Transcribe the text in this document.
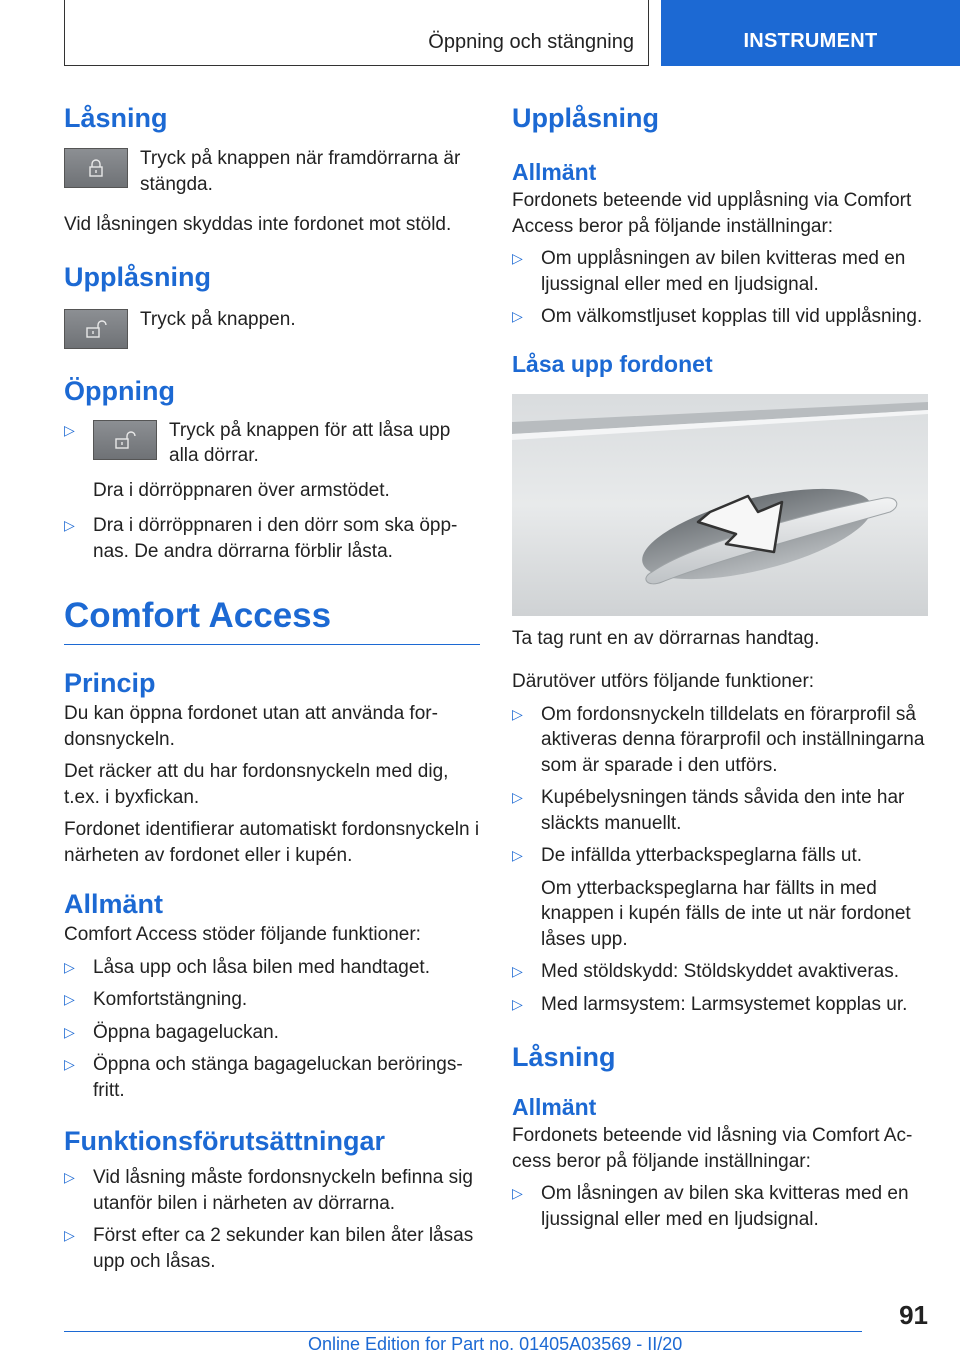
Öppning och stängning	INSTRUMENT
Låsning

Tryck på knappen när framdörrarna är stängda.

Vid låsningen skyddas inte fordonet mot stöld.

Upplåsning

Tryck på knappen.

Öppning
▷	Tryck på knappen för att låsa upp alla dörrar.

Dra i dörröppnaren över armstödet.

▷ Dra i dörröppnaren i den dörr som ska öpp-nas. De andra dörrarna förblir låsta.
Comfort Access
Princip

Du kan öppna fordonet utan att använda for-donsnyckeln.

Det räcker att du har fordonsnyckeln med dig, t.ex. i byxfickan.

Fordonet identifierar automatiskt fordonsnyckeln i närheten av fordonet eller i kupén.

Allmänt

Comfort Access stöder följande funktioner:

▷ Låsa upp och låsa bilen med handtaget.
▷ Komfortstängning.
▷ Öppna bagageluckan.
▷ Öppna och stänga bagageluckan berörings-fritt.
Funktionsförutsättningar
▷ Vid låsning måste fordonsnyckeln befinna sig utanför bilen i närheten av dörrarna.
▷ Först efter ca 2 sekunder kan bilen åter låsas upp och låsas.
Upplåsning
Allmänt

Fordonets beteende vid upplåsning via Comfort Access beror på följande inställningar:

▷ Om upplåsningen av bilen kvitteras med en ljussignal eller med en ljudsignal.
▷ Om välkomstljuset kopplas till vid upplåsning.
Låsa upp fordonet

Ta tag runt en av dörrarnas handtag.

Därutöver utförs följande funktioner:

▷ Om fordonsnyckeln tilldelats en förarprofil så aktiveras denna förarprofil och inställningarna som är sparade i den utförs.
▷ Kupébelysningen tänds såvida den inte har släckts manuellt.
▷ De infällda ytterbackspeglarna fälls ut.

Om ytterbackspeglarna har fällts in med knappen i kupén fälls de inte ut när fordonet låses upp.

▷ Med stöldskydd: Stöldskyddet avaktiveras.
▷ Med larmsystem: Larmsystemet kopplas ur.
Låsning
Allmänt

Fordonets beteende vid låsning via Comfort Ac-cess beror på följande inställningar:

▷ Om låsningen av bilen ska kvitteras med en ljussignal eller med en ljudsignal.
91
Online Edition for Part no. 01405A03569 - II/20
